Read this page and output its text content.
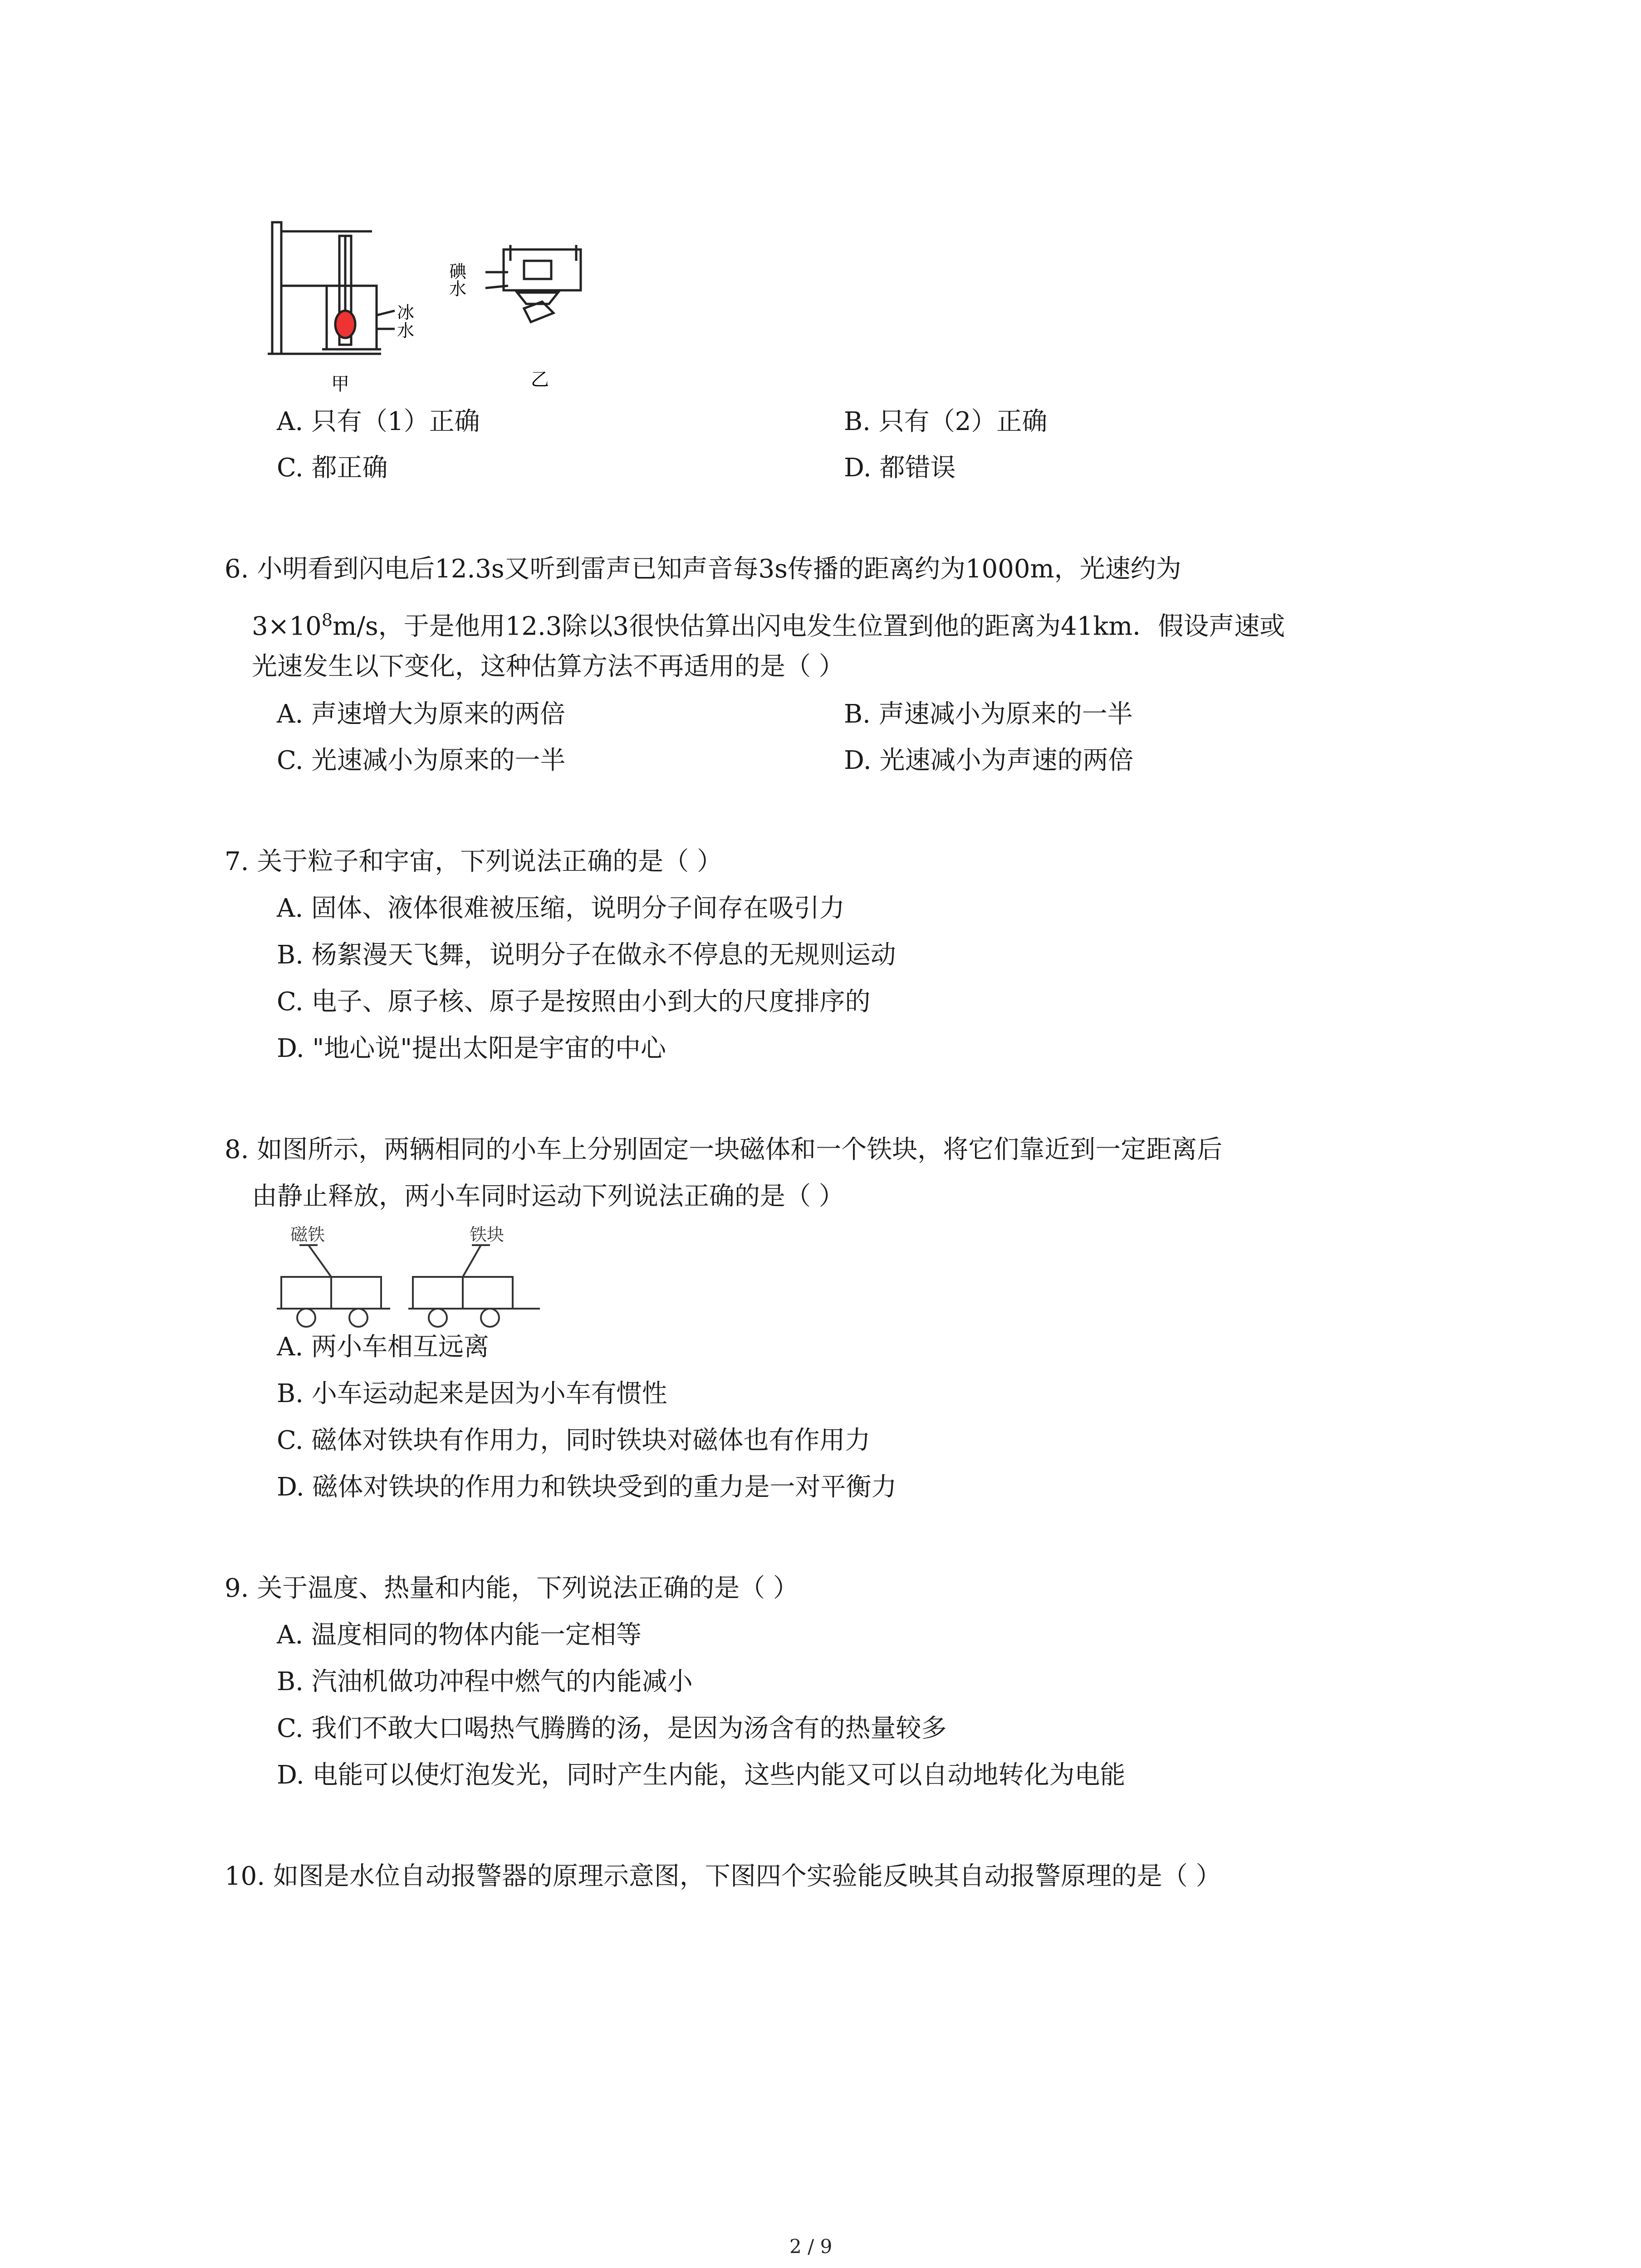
冰
水
甲
碘
水
乙
A. 只有（1）正确	B. 只有（2）正确
C. 都正确	D. 都错误
6. 小明看到闪电后12.3s又听到雷声已知声音每3s传播的距离约为1000m，光速约为
$3\times 10^8m/s$，于是他用12.3除以3很快估算出闪电发生位置到他的距离为41km．假设声速或
光速发生以下变化，这种估算方法不再适用的是（ ）
A. 声速增大为原来的两倍	B. 声速减小为原来的一半
C. 光速减小为原来的一半	D. 光速减小为声速的两倍
7. 关于粒子和宇宙，下列说法正确的是（ ）
A. 固体、液体很难被压缩，说明分子间存在吸引力
B. 杨絮漫天飞舞，说明分子在做永不停息的无规则运动
C. 电子、原子核、原子是按照由小到大的尺度排序的
D. "地心说"提出太阳是宇宙的中心
8. 如图所示，两辆相同的小车上分别固定一块磁体和一个铁块，将它们靠近到一定距离后
由静止释放，两小车同时运动下列说法正确的是（ ）
磁铁	铁块
A. 两小车相互远离
B. 小车运动起来是因为小车有惯性
C. 磁体对铁块有作用力，同时铁块对磁体也有作用力
D. 磁体对铁块的作用力和铁块受到的重力是一对平衡力
9. 关于温度、热量和内能，下列说法正确的是（ ）
A. 温度相同的物体内能一定相等
B. 汽油机做功冲程中燃气的内能减小
C. 我们不敢大口喝热气腾腾的汤，是因为汤含有的热量较多
D. 电能可以使灯泡发光，同时产生内能，这些内能又可以自动地转化为电能
10. 如图是水位自动报警器的原理示意图，下图四个实验能反映其自动报警原理的是（ ）
2 / 9
